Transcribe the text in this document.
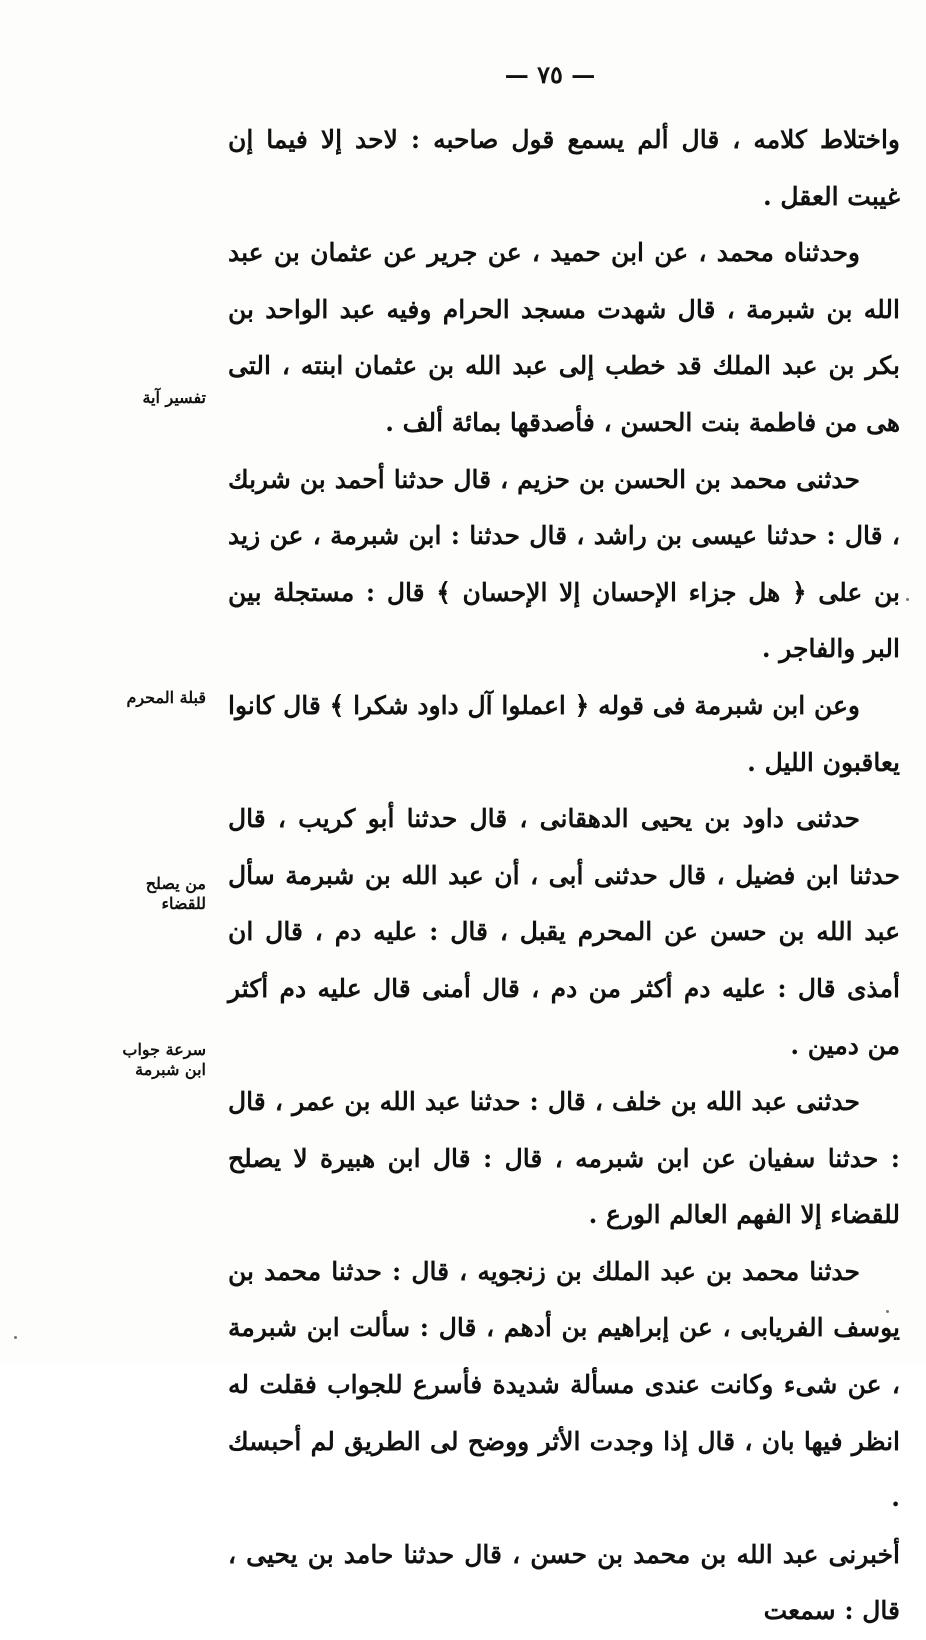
— ٧٥ —
تفسير آية
قبلة المحرم
من يصلح للقضاء
سرعة جواب ابن شبرمة

واختلاط كلامه ، قال ألم يسمع قول صاحبه : لاحد إلا فيما إن غيبت العقل .

وحدثناه محمد ، عن ابن حميد ، عن جرير عن عثمان بن عبد الله بن شبرمة ، قال شهدت مسجد الحرام وفيه عبد الواحد بن بكر بن عبد الملك قد خطب إلى عبد الله بن عثمان ابنته ، التى هى من فاطمة بنت الحسن ، فأصدقها بمائة ألف .

حدثنى محمد بن الحسن بن حزيم ، قال حدثنا أحمد بن شربك ، قال : حدثنا عيسى بن راشد ، قال حدثنا : ابن شبرمة ، عن زيد بن على ﴿ هل جزاء الإحسان إلا الإحسان ﴾ قال : مستجلة بين البر والفاجر .

وعن ابن شبرمة فى قوله ﴿ اعملوا آل داود شكرا ﴾ قال كانوا يعاقبون الليل .

حدثنى داود بن يحيى الدهقانى ، قال حدثنا أبو كريب ، قال حدثنا ابن فضيل ، قال حدثنى أبى ، أن عبد الله بن شبرمة سأل عبد الله بن حسن عن المحرم يقبل ، قال : عليه دم ، قال ان أمذى قال : عليه دم أكثر من دم ، قال أمنى قال عليه دم أكثر من دمين .

حدثنى عبد الله بن خلف ، قال : حدثنا عبد الله بن عمر ، قال : حدثنا سفيان عن ابن شبرمه ، قال : قال ابن هبيرة لا يصلح للقضاء إلا الفهم العالم الورع .

حدثنا محمد بن عبد الملك بن زنجويه ، قال : حدثنا محمد بن يوسف الفريابى ، عن إبراهيم بن أدهم ، قال : سألت ابن شبرمة ، عن شىء وكانت عندى مسألة شديدة فأسرع للجواب فقلت له انظر فيها بان ، قال إذا وجدت الأثر ووضح لى الطريق لم أحبسك .

أخبرنى عبد الله بن محمد بن حسن ، قال حدثنا حامد بن يحيى ، قال : سمعت
